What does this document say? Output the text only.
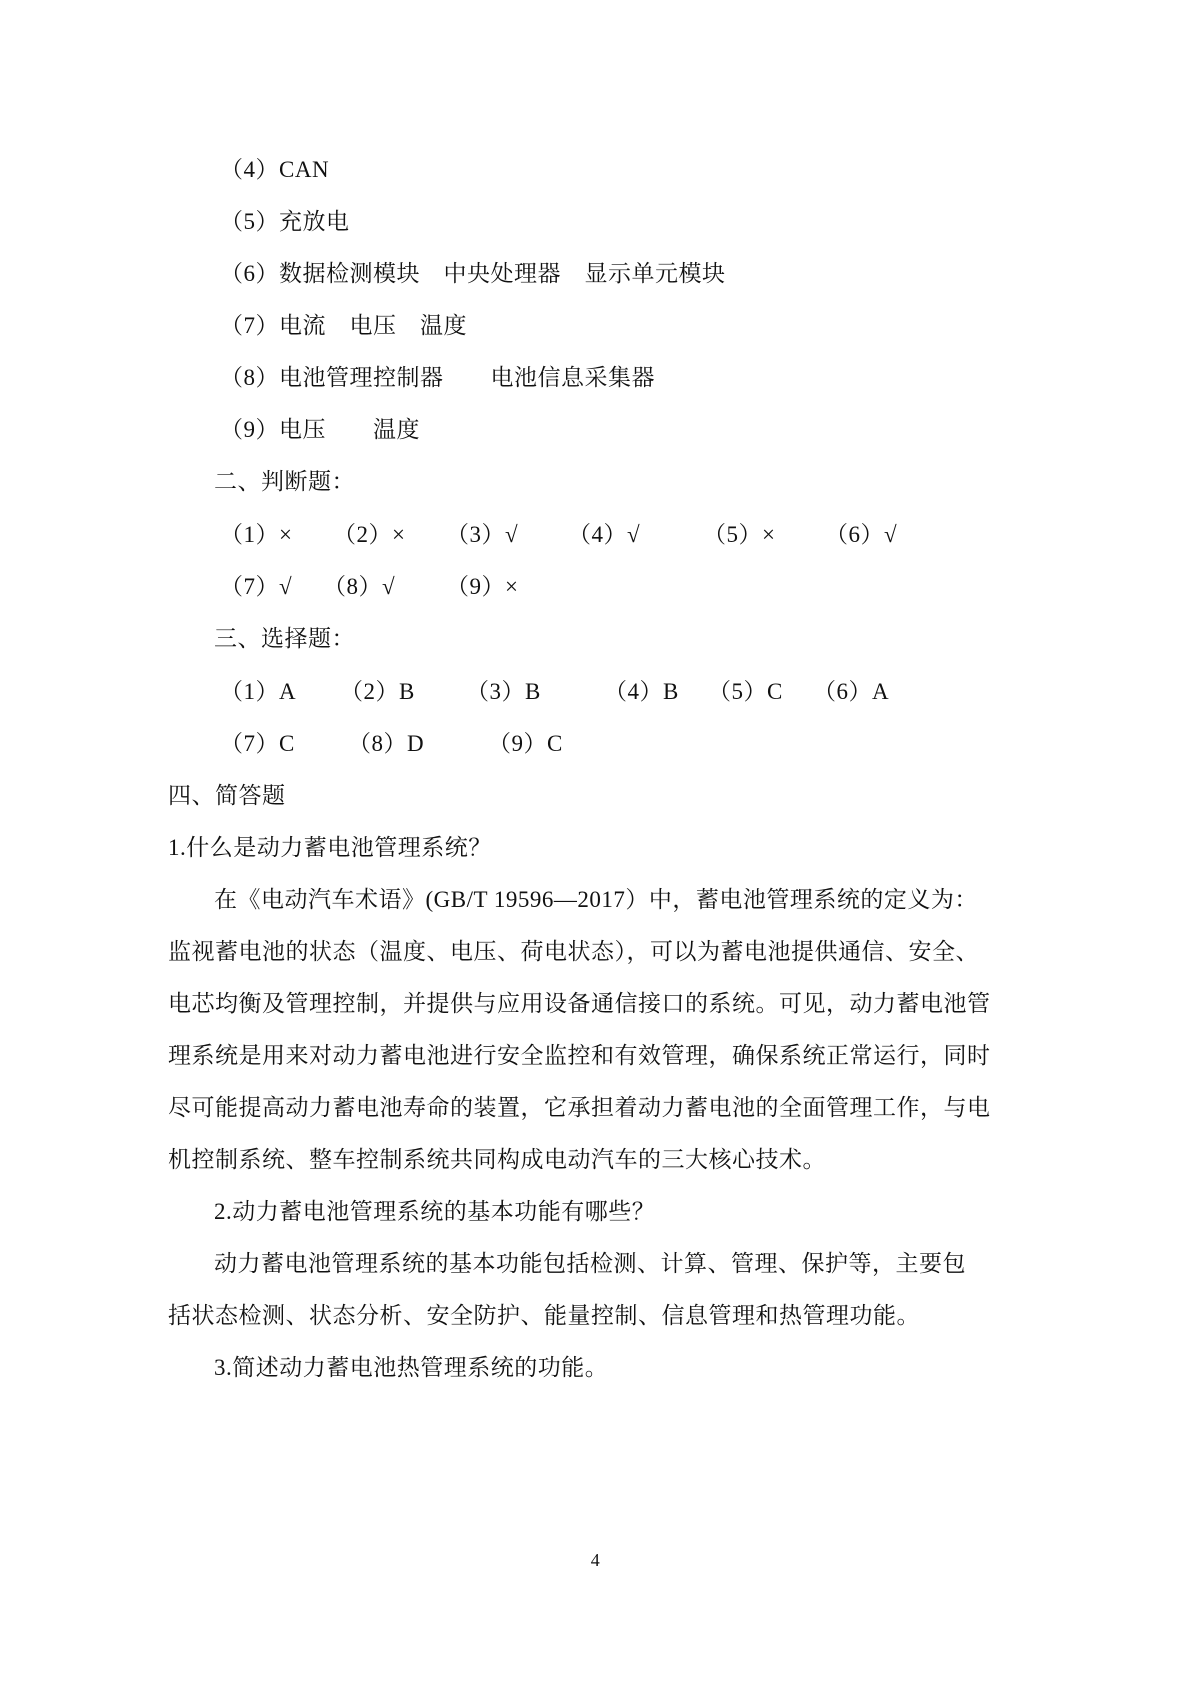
（4）CAN
（5）充放电
（6）数据检测模块　中央处理器　显示单元模块
（7）电流　电压　温度
（8）电池管理控制器　　电池信息采集器
（9）电压　　温度
二、判断题：
（1）× （2）× （3）√ （4）√	（5）× （6）√
（7）√ （8）√ （9）×
三、选择题：
（1）A （2）B （3）B	（4）B （5）C （6）A
（7）C （8）D	（9）C
四、简答题
1.什么是动力蓄电池管理系统？
在《电动汽车术语》(GB/T 19596—2017）中，蓄电池管理系统的定义为：
监视蓄电池的状态（温度、电压、荷电状态），可以为蓄电池提供通信、安全、
电芯均衡及管理控制，并提供与应用设备通信接口的系统。可见，动力蓄电池管
理系统是用来对动力蓄电池进行安全监控和有效管理，确保系统正常运行，同时
尽可能提高动力蓄电池寿命的装置，它承担着动力蓄电池的全面管理工作，与电
机控制系统、整车控制系统共同构成电动汽车的三大核心技术。
2.动力蓄电池管理系统的基本功能有哪些？
动力蓄电池管理系统的基本功能包括检测、计算、管理、保护等，主要包
括状态检测、状态分析、安全防护、能量控制、信息管理和热管理功能。
3.简述动力蓄电池热管理系统的功能。
4
